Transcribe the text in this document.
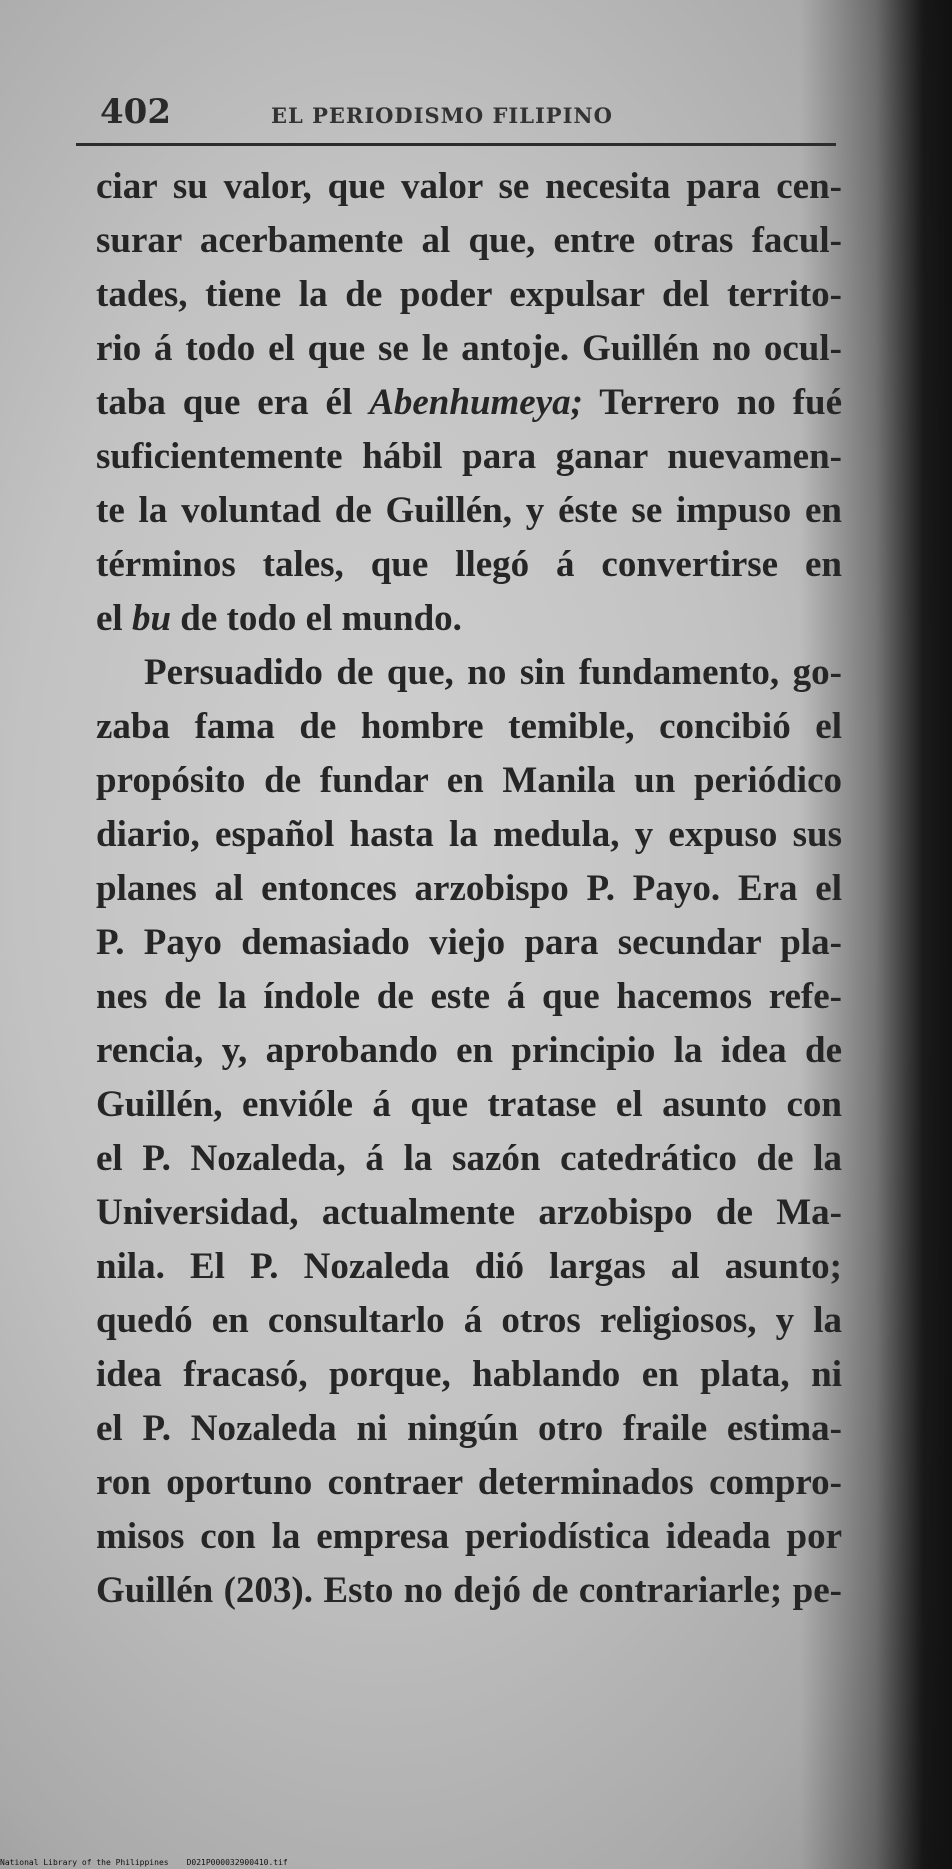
402	EL PERIODISMO FILIPINO
ciar su valor, que valor se necesita para cen-
surar acerbamente al que, entre otras facul-
tades, tiene la de poder expulsar del territo-
rio á todo el que se le antoje. Guillén no ocul-
taba que era él Abenhumeya; Terrero no fué
suficientemente hábil para ganar nuevamen-
te la voluntad de Guillén, y éste se impuso en
términos tales, que llegó á convertirse en
el bu de todo el mundo.
Persuadido de que, no sin fundamento, go-
zaba fama de hombre temible, concibió el
propósito de fundar en Manila un periódico
diario, español hasta la medula, y expuso sus
planes al entonces arzobispo P. Payo. Era el
P. Payo demasiado viejo para secundar pla-
nes de la índole de este á que hacemos refe-
rencia, y, aprobando en principio la idea de
Guillén, envióle á que tratase el asunto con
el P. Nozaleda, á la sazón catedrático de la
Universidad, actualmente arzobispo de Ma-
nila. El P. Nozaleda dió largas al asunto;
quedó en consultarlo á otros religiosos, y la
idea fracasó, porque, hablando en plata, ni
el P. Nozaleda ni ningún otro fraile estima-
ron oportuno contraer determinados compro-
misos con la empresa periodística ideada por
Guillén (203). Esto no dejó de contrariarle; pe-
National Library of the Philippines D021P000032900410.tif
